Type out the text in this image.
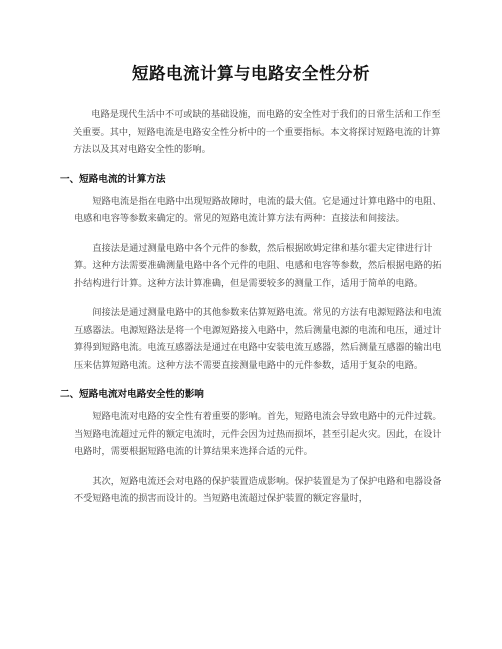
短路电流计算与电路安全性分析

电路是现代生活中不可或缺的基础设施，而电路的安全性对于我们的日常生活和工作至关重要。其中，短路电流是电路安全性分析中的一个重要指标。本文将探讨短路电流的计算方法以及其对电路安全性的影响。

一、短路电流的计算方法

短路电流是指在电路中出现短路故障时，电流的最大值。它是通过计算电路中的电阻、电感和电容等参数来确定的。常见的短路电流计算方法有两种：直接法和间接法。

直接法是通过测量电路中各个元件的参数，然后根据欧姆定律和基尔霍夫定律进行计算。这种方法需要准确测量电路中各个元件的电阻、电感和电容等参数，然后根据电路的拓扑结构进行计算。这种方法计算准确，但是需要较多的测量工作，适用于简单的电路。

间接法是通过测量电路中的其他参数来估算短路电流。常见的方法有电源短路法和电流互感器法。电源短路法是将一个电源短路接入电路中，然后测量电源的电流和电压，通过计算得到短路电流。电流互感器法是通过在电路中安装电流互感器，然后测量互感器的输出电压来估算短路电流。这种方法不需要直接测量电路中的元件参数，适用于复杂的电路。

二、短路电流对电路安全性的影响

短路电流对电路的安全性有着重要的影响。首先，短路电流会导致电路中的元件过载。当短路电流超过元件的额定电流时，元件会因为过热而损坏，甚至引起火灾。因此，在设计电路时，需要根据短路电流的计算结果来选择合适的元件。

其次，短路电流还会对电路的保护装置造成影响。保护装置是为了保护电路和电器设备不受短路电流的损害而设计的。当短路电流超过保护装置的额定容量时，
